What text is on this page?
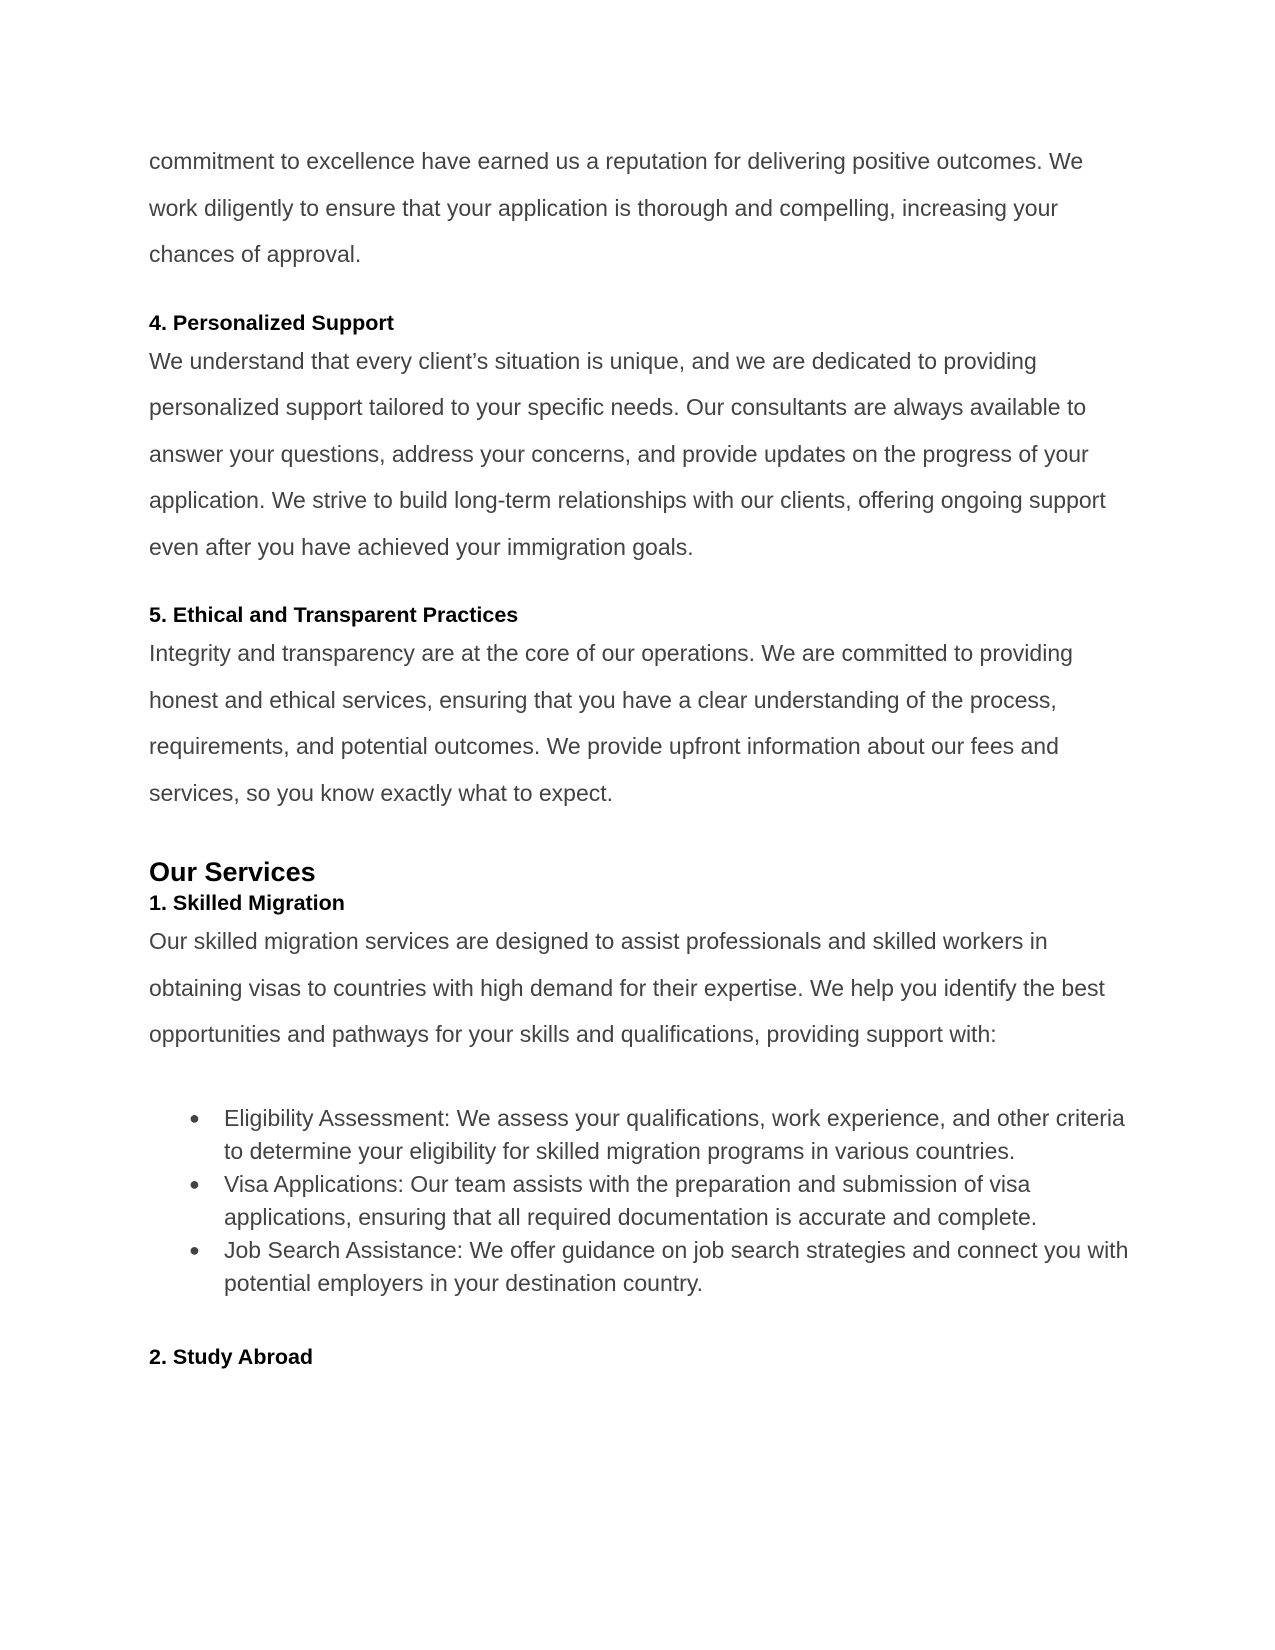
commitment to excellence have earned us a reputation for delivering positive outcomes. We work diligently to ensure that your application is thorough and compelling, increasing your chances of approval.

4. Personalized Support

We understand that every client’s situation is unique, and we are dedicated to providing personalized support tailored to your specific needs. Our consultants are always available to answer your questions, address your concerns, and provide updates on the progress of your application. We strive to build long-term relationships with our clients, offering ongoing support even after you have achieved your immigration goals.

5. Ethical and Transparent Practices

Integrity and transparency are at the core of our operations. We are committed to providing honest and ethical services, ensuring that you have a clear understanding of the process, requirements, and potential outcomes. We provide upfront information about our fees and services, so you know exactly what to expect.

Our Services
1. Skilled Migration

Our skilled migration services are designed to assist professionals and skilled workers in obtaining visas to countries with high demand for their expertise. We help you identify the best opportunities and pathways for your skills and qualifications, providing support with:

● Eligibility Assessment: We assess your qualifications, work experience, and other criteria to determine your eligibility for skilled migration programs in various countries.
● Visa Applications: Our team assists with the preparation and submission of visa applications, ensuring that all required documentation is accurate and complete.
● Job Search Assistance: We offer guidance on job search strategies and connect you with potential employers in your destination country.
2. Study Abroad
